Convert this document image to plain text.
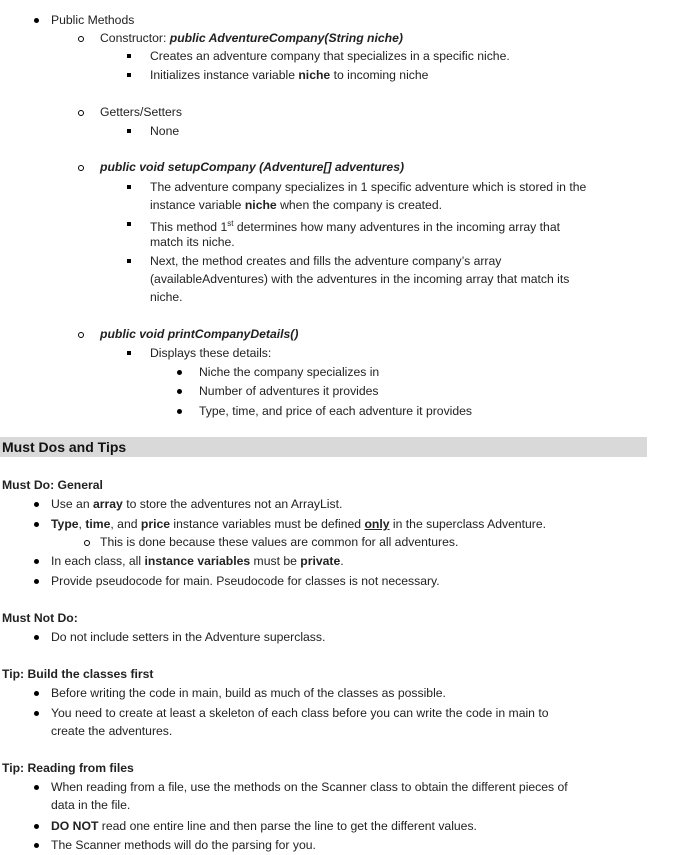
Public Methods
Constructor: public AdventureCompany(String niche)
Creates an adventure company that specializes in a specific niche.
Initializes instance variable niche to incoming niche
Getters/Setters
None
public void setupCompany (Adventure[] adventures)
The adventure company specializes in 1 specific adventure which is stored in the
instance variable niche when the company is created.
This method 1st determines how many adventures in the incoming array that
match its niche.
Next, the method creates and fills the adventure company’s array
(availableAdventures) with the adventures in the incoming array that match its
niche.
public void printCompanyDetails()
Displays these details:
Niche the company specializes in
Number of adventures it provides
Type, time, and price of each adventure it provides
Must Dos and Tips
Must Do: General
Use an array to store the adventures not an ArrayList.
Type, time, and price instance variables must be defined only in the superclass Adventure.
This is done because these values are common for all adventures.
In each class, all instance variables must be private.
Provide pseudocode for main. Pseudocode for classes is not necessary.
Must Not Do:
Do not include setters in the Adventure superclass.
Tip: Build the classes first
Before writing the code in main, build as much of the classes as possible.
You need to create at least a skeleton of each class before you can write the code in main to
create the adventures.
Tip: Reading from files
When reading from a file, use the methods on the Scanner class to obtain the different pieces of
data in the file.
DO NOT read one entire line and then parse the line to get the different values.
The Scanner methods will do the parsing for you.
